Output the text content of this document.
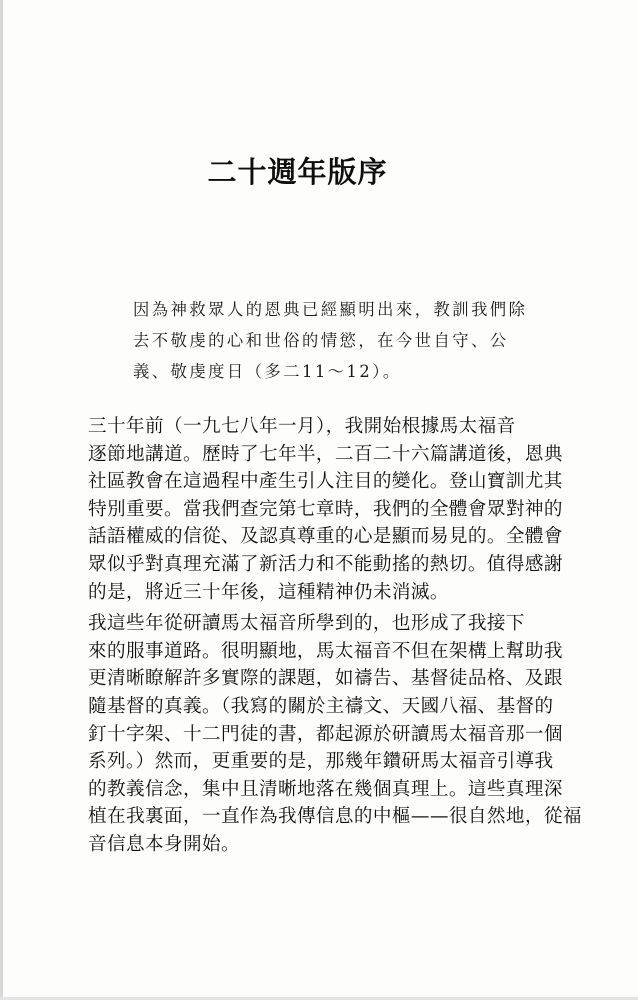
二十週年版序
因為神救眾人的恩典已經顯明出來，教訓我們除
去不敬虔的心和世俗的情慾，在今世自守、公
義、敬虔度日（多二11～12）。
三十年前（一九七八年一月），我開始根據馬太福音
逐節地講道。歷時了七年半，二百二十六篇講道後，恩典
社區教會在這過程中產生引人注目的變化。登山寶訓尤其
特別重要。當我們查完第七章時，我們的全體會眾對神的
話語權威的信從、及認真尊重的心是顯而易見的。全體會
眾似乎對真理充滿了新活力和不能動搖的熱切。值得感謝
的是，將近三十年後，這種精神仍未消滅。
我這些年從研讀馬太福音所學到的，也形成了我接下
來的服事道路。很明顯地，馬太福音不但在架構上幫助我
更清晰瞭解許多實際的課題，如禱告、基督徒品格、及跟
隨基督的真義。（我寫的關於主禱文、天國八福、基督的
釘十字架、十二門徒的書，都起源於研讀馬太福音那一個
系列。）然而，更重要的是，那幾年鑽研馬太福音引導我
的教義信念，集中且清晰地落在幾個真理上。這些真理深
植在我裏面，一直作為我傳信息的中樞——很自然地，從福
音信息本身開始。
